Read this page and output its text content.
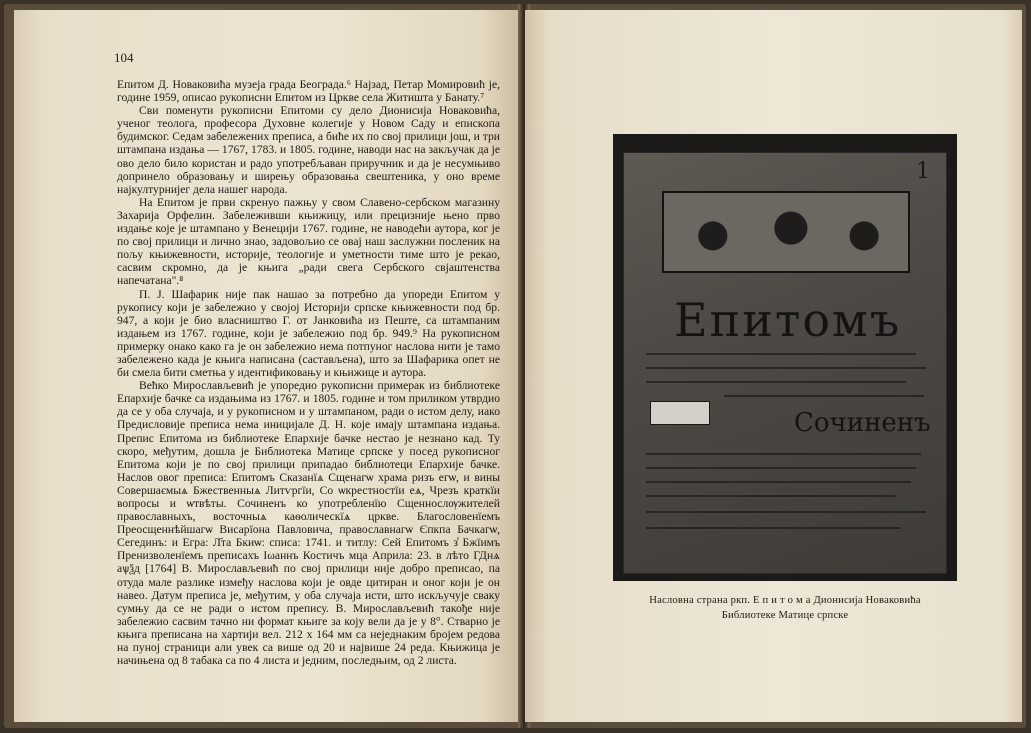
104

Епитом Д. Новаковића музеја града Београда.⁶ Најзад, Петар Момировић је, године 1959, описао рукописни Епитом из Цркве села Житишта у Банату.⁷

Сви поменути рукописни Епитоми су дело Дионисија Новаковића, ученог теолога, професора Духовне колегије у Новом Саду и епископа будимског. Седам забележених преписа, а биће их по свој прилици још, и три штампана издања — 1767, 1783. и 1805. године, наводи нас на закључак да је ово дело било користан и радо употребљаван приручник и да је несумњиво допринело образовању и ширењу образовања свештеника, у оно време најкултурнијег дела нашег народа.

На Епитом је први скренуо пажњу у свом Славено-сербском магазину Захарија Орфелин. Забележивши књижицу, или прецизније њено прво издање које је штампано у Венецији 1767. године, не наводећи аутора, ког је по свој прилици и лично знао, задовољио се овај наш заслужни посленик на пољу књижевности, историје, теологије и уметности тиме што је рекао, сасвим скромно, да је књига „ради свега Сербского свјаштенства напечатана".⁸

П. Ј. Шафарик није пак нашао за потребно да упореди Епитом у рукопису који је забележио у својој Историји српске књижевности под бр. 947, а који је био власништво Г. от Јанковића из Пеште, са штампаним издањем из 1767. године, који је забележио под бр. 949.⁹ На рукописном примерку онако како га је он забележио нема потпуног наслова нити је тамо забележено када је књига написана (састављена), што за Шафарика опет не би смела бити сметња у идентификовању и књижице и аутора.

Већко Мирослављевић је упоредио рукописни примерак из библиотеке Епархије бачке са издањима из 1767. и 1805. године и том приликом утврдио да се у оба случаја, и у рукописном и у штампаном, ради о истом делу, иако Предисловије преписа нема иницијале Д. Н. које имају штампана издања. Препис Епитома из библиотеке Епархије бачке нестао је незнано кад. Ту скоро, међутим, дошла је Библиотека Матице српске у посед рукописног Епитома који је по свој прилици припадао библиотеци Епархије бачке. Наслов овог преписа: Епитомъ Сказанїѧ Сщенагѡ храма ризъ егѡ, и вины Совершаємыѧ Бжественныѧ Литѵргїи, Со ѡкрестностїи еѧ, Чрезъ краткїи вопросы и ѡтвѣты. Сочиненъ ко употребленїю Сщеннослѹжителей православныхъ, восточныѧ каѳолическїѧ цркве. Благословенїемъ Преосщеннѣйшагѡ Висарїона Павловича, православнагѡ Єпкпа Бачкагѡ, Сегединъ: и Егра: Л҃та Бкиѡ: списа: 1741. и титлу: Сей Епитомъ з̾ Бжїимъ Пренизволенїемъ преписахъ Ιωаннъ Костичъ мца Априла: 23. в лѣто ГДнѧ аѱѯд [1764] В. Мирослављевић по свој прилици није добро преписао, па отуда мале разлике између наслова који је овде цитиран и оног који је он навео. Датум преписа је, међутим, у оба случаја исти, што искључује сваку сумњу да се не ради о истом препису. В. Мирослављевић такође није забележио сасвим тачно ни формат књиге за коју вели да је у 8°. Стварно је књига преписана на хартији вел. 212 х 164 мм са неједнаким бројем редова на пуној страници али увек са више од 20 и највише 24 реда. Књижица је начињена од 8 табака са по 4 листа и једним, последњим, од 2 листа.

1
Епитомъ
Сочиненъ
Насловна страна ркп. Е п и т о м а Дионисија Новаковића
Библиотеке Матице српске
